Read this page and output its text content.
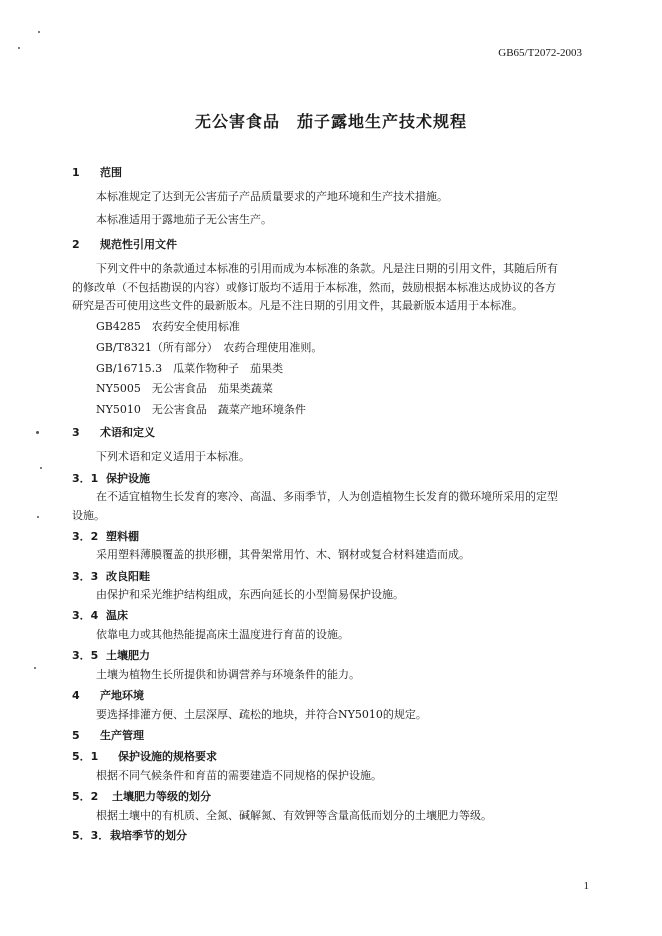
GB65/T2072-2003
无公害食品　茄子露地生产技术规程
1 范围
本标准规定了达到无公害茄子产品质量要求的产地环境和生产技术措施。
本标准适用于露地茄子无公害生产。
2 规范性引用文件
下列文件中的条款通过本标准的引用而成为本标准的条款。凡是注日期的引用文件，其随后所有
的修改单（不包括勘误的内容）或修订版均不适用于本标准，然而，鼓励根据本标准达成协议的各方
研究是否可使用这些文件的最新版本。凡是不注日期的引用文件，其最新版本适用于本标准。
GB4285　农药安全使用标准
GB/T8321（所有部分）　农药合理使用准则。
GB/16715.3　瓜菜作物种子　茄果类
NY5005　无公害食品　茄果类蔬菜
NY5010　无公害食品　蔬菜产地环境条件
3 术语和定义
下列术语和定义适用于本标准。
3．1 保护设施
在不适宜植物生长发育的寒冷、高温、多雨季节，人为创造植物生长发育的微环境所采用的定型
设施。
3．2 塑料棚
采用塑料薄膜覆盖的拱形棚，其骨架常用竹、木、钢材或复合材料建造而成。
3．3 改良阳畦
由保护和采光维护结构组成，东西向延长的小型简易保护设施。
3．4 温床
依靠电力或其他热能提高床土温度进行育苗的设施。
3．5 土壤肥力
土壤为植物生长所提供和协调营养与环境条件的能力。
4 产地环境
要选择排灌方便、土层深厚、疏松的地块，并符合NY5010的规定。
5 生产管理
5．1 保护设施的规格要求
根据不同气候条件和育苗的需要建造不同规格的保护设施。
5．2 土壤肥力等级的划分
根据土壤中的有机质、全氮、碱解氮、有效钾等含量高低而划分的土壤肥力等级。
5．3．栽培季节的划分
1
